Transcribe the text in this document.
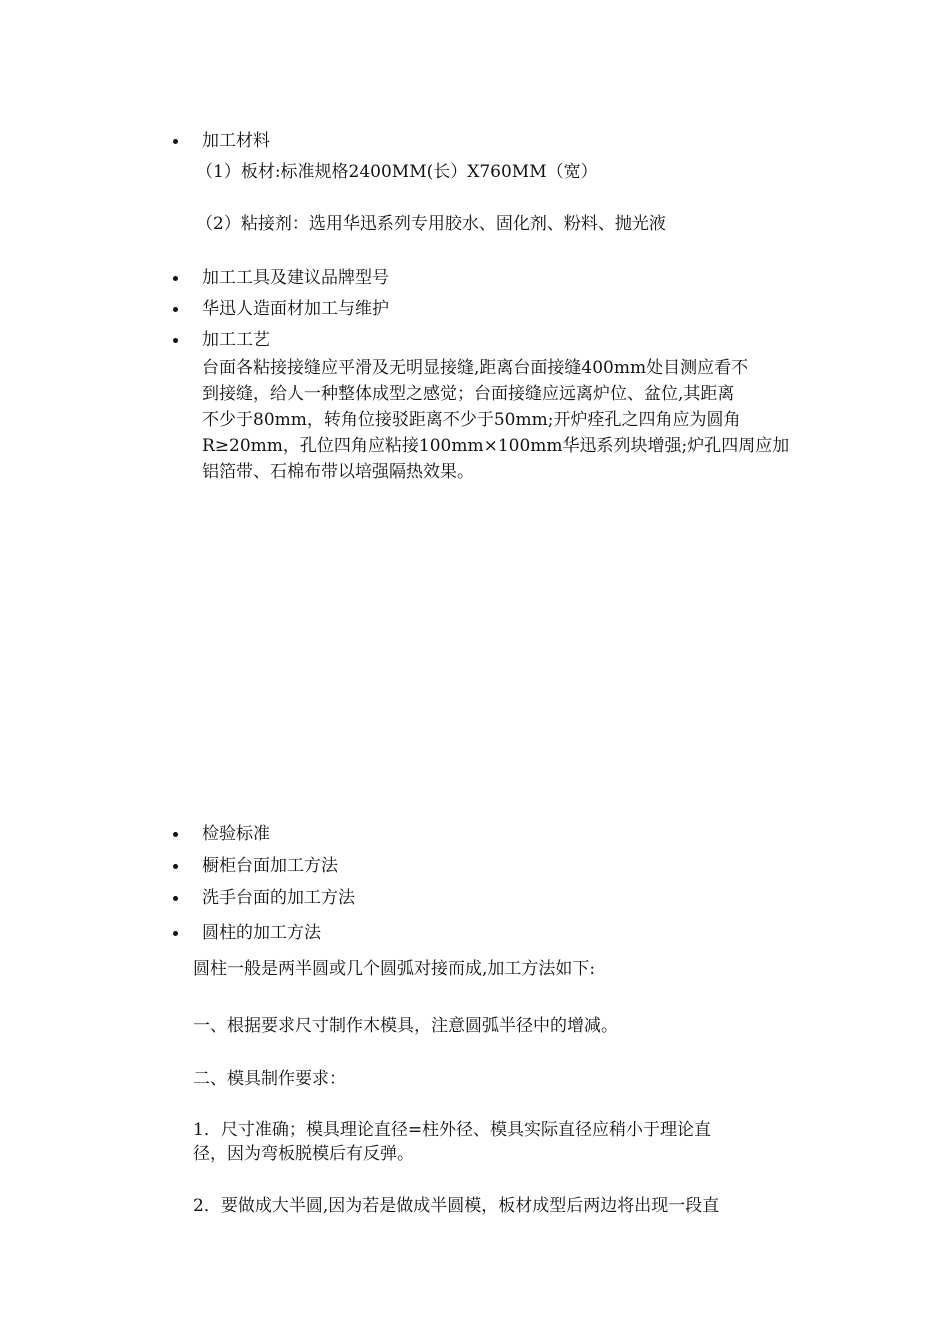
加工材料
（1）板材:标准规格2400MM(长）X760MM（宽）
（2）粘接剂：选用华迅系列专用胶水、固化剂、粉料、抛光液
加工工具及建议品牌型号
华迅人造面材加工与维护
加工工艺
台面各粘接接缝应平滑及无明显接缝,距离台面接缝400mm处目测应看不
到接缝，给人一种整体成型之感觉；台面接缝应远离炉位、盆位,其距离
不少于80mm，转角位接驳距离不少于50mm;开炉痊孔之四角应为圆角
R≥20mm，孔位四角应粘接100mm×100mm华迅系列块增强;炉孔四周应加
铝箔带、石棉布带以培强隔热效果。
检验标准
橱柜台面加工方法
洗手台面的加工方法
圆柱的加工方法
圆柱一般是两半圆或几个圆弧对接而成,加工方法如下:
一、根据要求尺寸制作木模具，注意圆弧半径中的增减。
二、模具制作要求：
1．尺寸准确；模具理论直径=柱外径、模具实际直径应稍小于理论直
径，因为弯板脱模后有反弹。
2．要做成大半圆,因为若是做成半圆模，板材成型后两边将出现一段直
